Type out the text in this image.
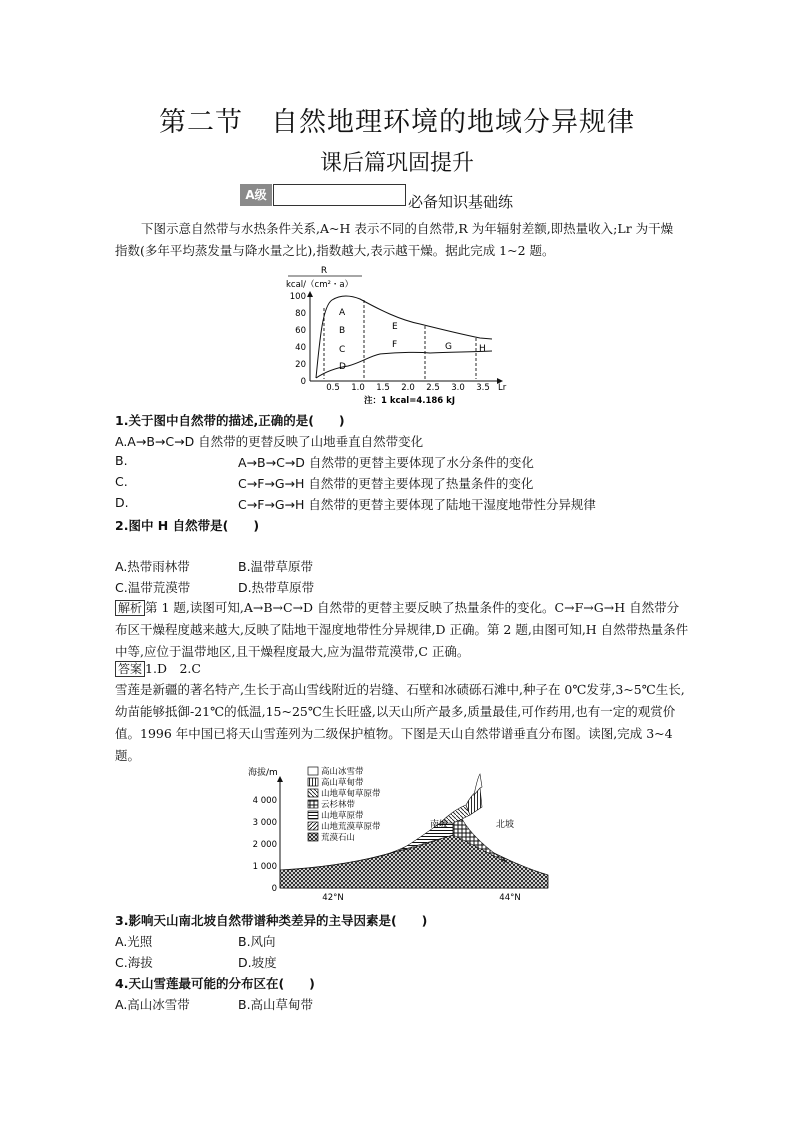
第二节　自然地理环境的地域分异规律
课后篇巩固提升
A级	必备知识基础练
下图示意自然带与水热条件关系,A~H 表示不同的自然带,R 为年辐射差额,即热量收入;Lr 为干燥指数(多年平均蒸发量与降水量之比),指数越大,表示越干燥。据此完成 1~2 题。
R
kcal/（cm²・a）
0
20
40
60
80
100
0.5 1.0 1.5 2.0 2.5 3.0 3.5 Lr
A
B
C
D
E
F	G	H
注：1 kcal=4.186 kJ
1.关于图中自然带的描述,正确的是(　　)
A.A→B→C→D 自然带的更替反映了山地垂直自然带变化
B.	A→B→C→D 自然带的更替主要体现了水分条件的变化
C.	C→F→G→H 自然带的更替主要体现了热量条件的变化
D.	C→F→G→H 自然带的更替主要体现了陆地干湿度地带性分异规律
2.图中 H 自然带是(　　)
A.热带雨林带	B.温带草原带
C.温带荒漠带	D.热带草原带
解析 第 1 题,读图可知,A→B→C→D 自然带的更替主要反映了热量条件的变化。C→F→G→H 自然带分布区干燥程度越来越大,反映了陆地干湿度地带性分异规律,D 正确。第 2 题,由图可知,H 自然带热量条件中等,应位于温带地区,且干燥程度最大,应为温带荒漠带,C 正确。
答案 1.D　2.C
雪莲是新疆的著名特产,生长于高山雪线附近的岩缝、石壁和冰碛砾石滩中,种子在 0℃发芽,3~5℃生长,幼苗能够抵御-21℃的低温,15~25℃生长旺盛,以天山所产最多,质量最佳,可作药用,也有一定的观赏价值。1996 年中国已将天山雪莲列为二级保护植物。下图是天山自然带谱垂直分布图。读图,完成 3~4 题。
海拔/m
0
1 000
2 000
3 000
4 000
42°N	44°N
南坡	北坡
高山冰雪带
高山草甸带
山地草甸草原带
云杉林带
山地草原带
山地荒漠草原带
荒漠石山
3.影响天山南北坡自然带谱种类差异的主导因素是(　　)
A.光照	B.风向
C.海拔	D.坡度
4.天山雪莲最可能的分布区在(　　)
A.高山冰雪带	B.高山草甸带
